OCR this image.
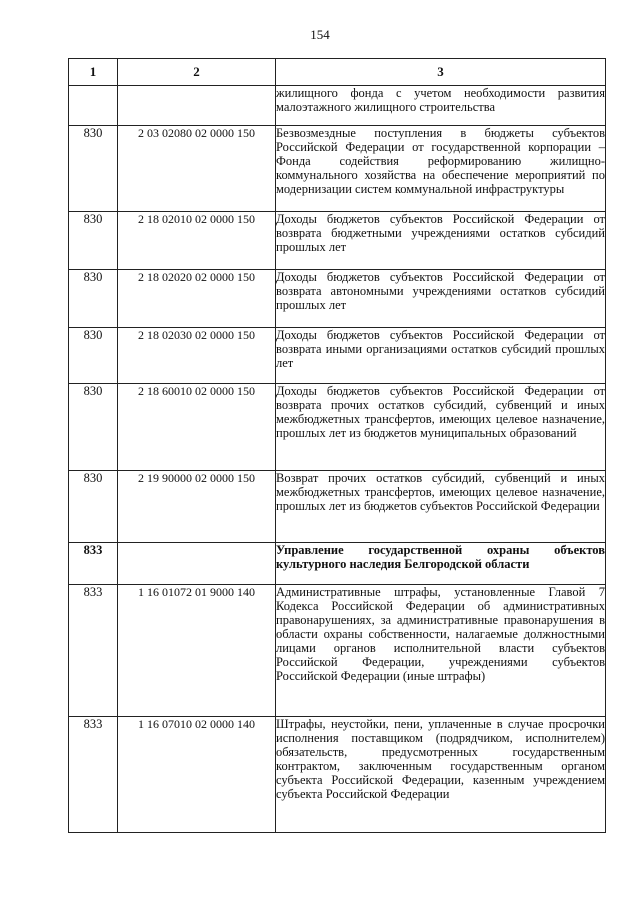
154
1	2	3
		жилищного фонда с учетом необходимости развития малоэтажного жилищного строительства
830	2 03 02080 02 0000 150	Безвозмездные поступления в бюджеты субъектов Российской Федерации от государственной корпорации – Фонда содействия реформированию жилищно-коммунального хозяйства на обеспечение мероприятий по модернизации систем коммунальной инфраструктуры
830	2 18 02010 02 0000 150	Доходы бюджетов субъектов Российской Федерации от возврата бюджетными учреждениями остатков субсидий прошлых лет
830	2 18 02020 02 0000 150	Доходы бюджетов субъектов Российской Федерации от возврата автономными учреждениями остатков субсидий прошлых лет
830	2 18 02030 02 0000 150	Доходы бюджетов субъектов Российской Федерации от возврата иными организациями остатков субсидий прошлых лет
830	2 18 60010 02 0000 150	Доходы бюджетов субъектов Российской Федерации от возврата прочих остатков субсидий, субвенций и иных межбюджетных трансфертов, имеющих целевое назначение, прошлых лет из бюджетов муниципальных образований
830	2 19 90000 02 0000 150	Возврат прочих остатков субсидий, субвенций и иных межбюджетных трансфертов, имеющих целевое назначение, прошлых лет из бюджетов субъектов Российской Федерации
833		Управление государственной охраны объектов культурного наследия Белгородской области
833	1 16 01072 01 9000 140	Административные штрафы, установленные Главой 7 Кодекса Российской Федерации об административных правонарушениях, за административные правонарушения в области охраны собственности, налагаемые должностными лицами органов исполнительной власти субъектов Российской Федерации, учреждениями субъектов Российской Федерации (иные штрафы)
833	1 16 07010 02 0000 140	Штрафы, неустойки, пени, уплаченные в случае просрочки исполнения поставщиком (подрядчиком, исполнителем) обязательств, предусмотренных государственным контрактом, заключенным государственным органом субъекта Российской Федерации, казенным учреждением субъекта Российской Федерации
